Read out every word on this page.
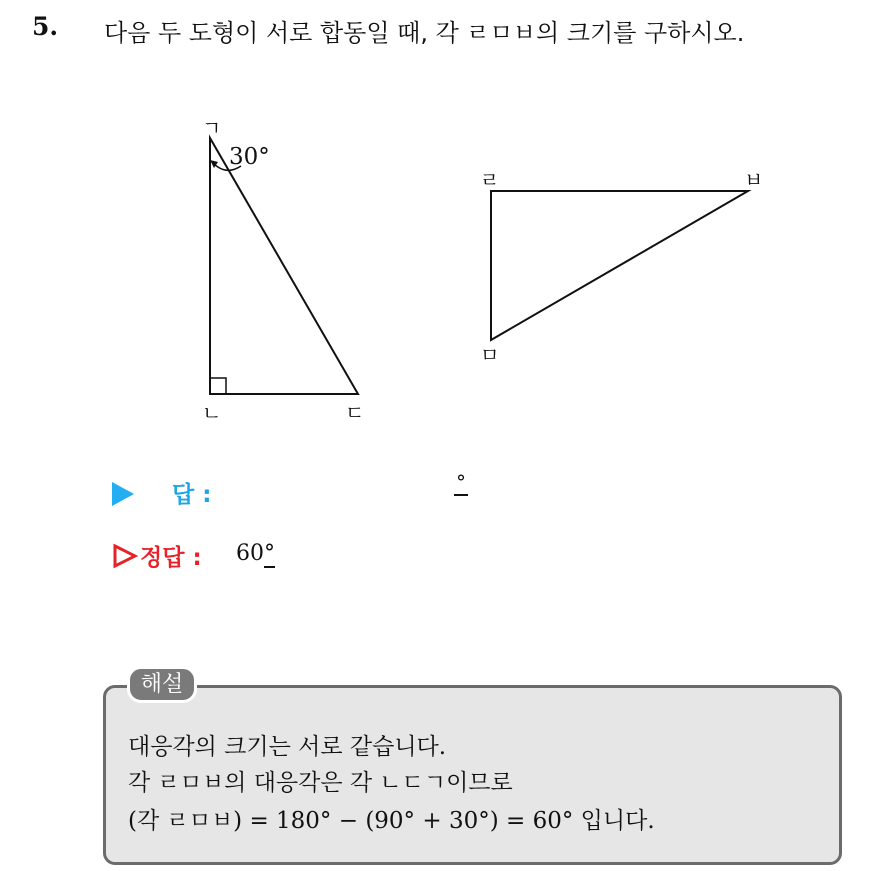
5. 다음 두 도형이 서로 합동일 때, 각 ㄹㅁㅂ의 크기를 구하시오.
ㄱ
30°
ㄴ	ㄷ
ㄹ	ㅂ
ㅁ
답 :	°
정답 : 60°
해설
대응각의 크기는 서로 같습니다.
각 ㄹㅁㅂ의 대응각은 각 ㄴㄷㄱ이므로
(각 ㄹㅁㅂ) = 180° − (90° + 30°) = 60° 입니다.
